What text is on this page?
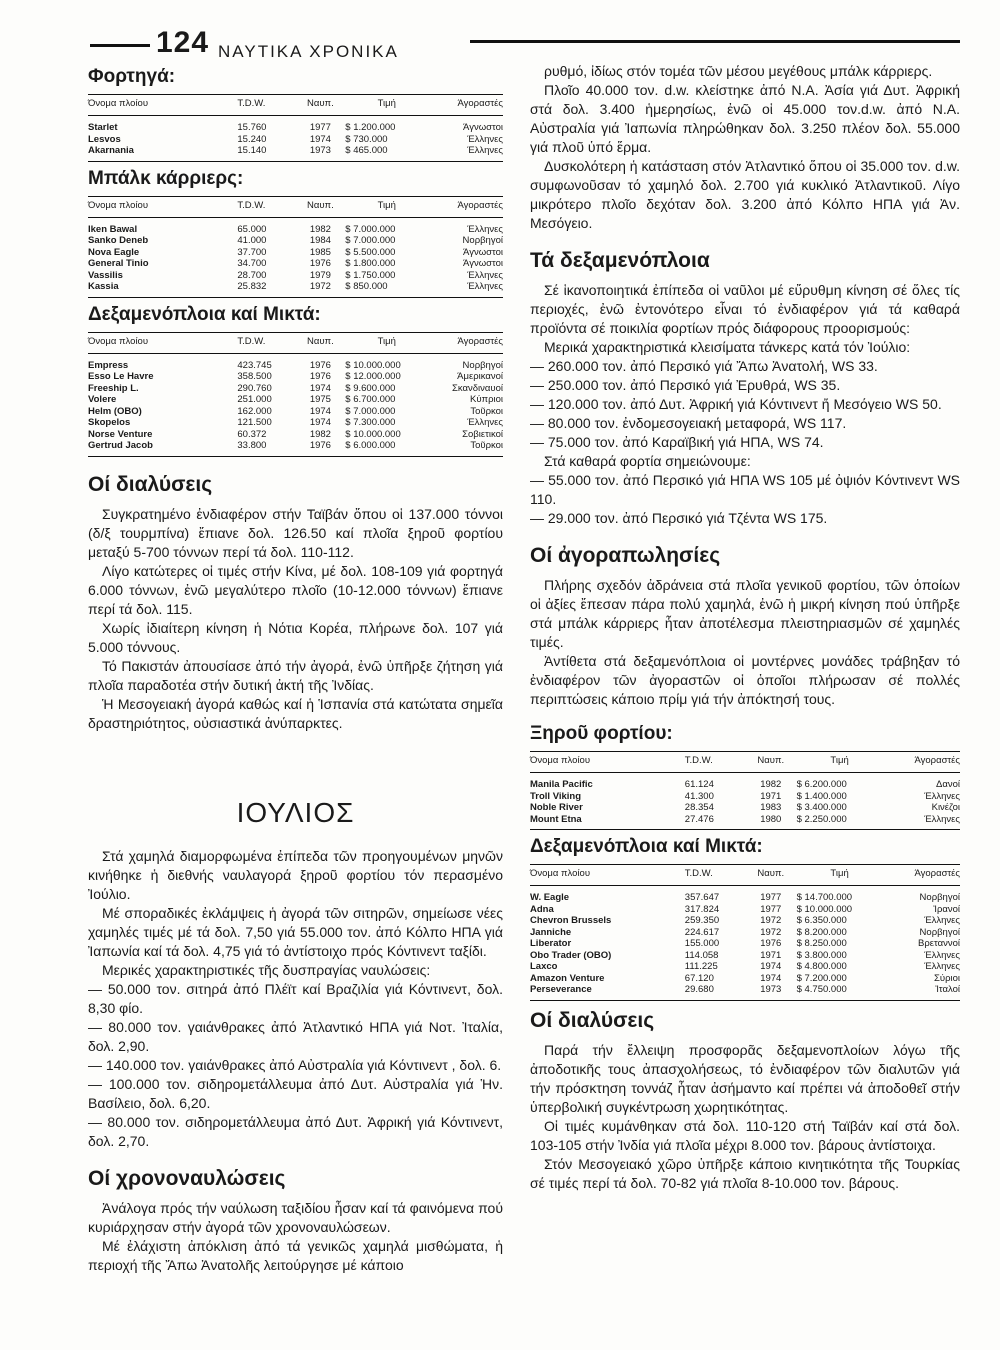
124 ΝΑΥΤΙΚΑ ΧΡΟΝΙΚΑ
Φορτηγά:
Όνομα πλοίου	T.D.W.	Ναυπ.	Τιμή	Άγοραστές
Starlet	15.760	1977	$ 1.200.000	Άγνωστοι
Lesvos	15.240	1974	$ 730.000	Έλληνες
Akarnania	15.140	1973	$ 465.000	Έλληνες
Μπάλκ κάρριερς:
Όνομα πλοίου	T.D.W.	Ναυπ.	Τιμή	Άγοραστές
Iken Bawal	65.000	1982	$ 7.000.000	Έλληνες
Sanko Deneb	41.000	1984	$ 7.000.000	Νορβηγοί
Nova Eagle	37.700	1985	$ 5.500.000	Άγνωστοι
General Tinio	34.700	1976	$ 1.800.000	Άγνωστοι
Vassilis	28.700	1979	$ 1.750.000	Έλληνες
Kassia	25.832	1972	$ 850.000	Έλληνες
Δεξαμενόπλοια καί Μικτά:
Όνομα πλοίου	T.D.W.	Ναυπ.	Τιμή	Άγοραστές
Empress	423.745	1976	$ 10.000.000	Νορβηγοί
Esso Le Havre	358.500	1976	$ 12.000.000	Άμερικανοί
Freeship L.	290.760	1974	$ 9.600.000	Σκανδιναυοί
Volere	251.000	1975	$ 6.700.000	Κύπριοι
Helm (OBO)	162.000	1974	$ 7.000.000	Τοῦρκοι
Skopelos	121.500	1974	$ 7.300.000	Έλληνες
Norse Venture	60.372	1982	$ 10.000.000	Σοβιετικοί
Gertrud Jacob	33.800	1976	$ 6.000.000	Τοῦρκοι
Οί διαλύσεις

Συγκρατημένο ἐνδιαφέρον στήν Ταϊβάν ὅπου οἱ 137.000 τόννοι (δ/ξ τουρμπίνα) ἔπιανε δολ. 126.50 καί πλοῖα ξηροῦ φορτίου μεταξύ 5-700 τόννων περί τά δολ. 110-112.

Λίγο κατώτερες οἱ τιμές στήν Κίνα, μέ δολ. 108-109 γιά φορτηγά 6.000 τόννων, ἐνῶ μεγαλύτερο πλοῖο (10-12.000 τόννων) ἔπιανε περί τά δολ. 115.

Χωρίς ἰδιαίτερη κίνηση ἡ Νότια Κορέα, πλήρωνε δολ. 107 γιά 5.000 τόννους.

Τό Πακιστάν ἀπουσίασε ἀπό τήν ἀγορά, ἐνῶ ὑπῆρξε ζήτηση γιά πλοῖα παραδοτέα στήν δυτική ἀκτή τῆς Ἰνδίας.

Ἡ Μεσογειακή ἀγορά καθώς καί ἡ Ἱσπανία στά κατώτατα σημεῖα δραστηριότητος, οὐσιαστικά ἀνύπαρκτες.

ΙΟΥΛΙΟΣ

Στά χαμηλά διαμορφωμένα ἐπίπεδα τῶν προηγουμένων μηνῶν κινήθηκε ἡ διεθνής ναυλαγορά ξηροῦ φορτίου τόν περασμένο Ἰούλιο.

Μέ σποραδικές ἐκλάμψεις ἡ ἀγορά τῶν σιτηρῶν, σημείωσε νέες χαμηλές τιμές μέ τά δολ. 7,50 γιά 55.000 τον. ἀπό Κόλπο ΗΠΑ γιά Ἰαπωνία καί τά δολ. 4,75 γιά τό ἀντίστοιχο πρός Κόντινεντ ταξίδι.

Μερικές χαρακτηριστικές τῆς δυσπραγίας ναυλώσεις:

— 50.000 τον. σιτηρά ἀπό Πλέϊτ καί Βραζιλία γιά Κόντινεντ, δολ. 8,30 φίο.

— 80.000 τον. γαιάνθρακες ἀπό Ἀτλαντικό ΗΠΑ γιά Νοτ. Ἰταλία, δολ. 2,90.

— 140.000 τον. γαιάνθρακες ἀπό Αὐστραλία γιά Κόντινεντ , δολ. 6.

— 100.000 τον. σιδηρομετάλλευμα ἀπό Δυτ. Αὐστραλία γιά Ἡν. Βασίλειο, δολ. 6,20.

— 80.000 τον. σιδηρομετάλλευμα ἀπό Δυτ. Ἀφρική γιά Κόντινεντ, δολ. 2,70.

Οί χρονοναυλώσεις

Ἀνάλογα πρός τήν ναύλωση ταξιδίου ἦσαν καί τά φαινόμενα πού κυριάρχησαν στήν ἀγορά τῶν χρονοναυλώσεων.

Μέ ἐλάχιστη ἀπόκλιση ἀπό τά γενικῶς χαμηλά μισθώματα, ἡ περιοχή τῆς Ἄπω Ἀνατολῆς λειτούργησε μέ κάποιο

ρυθμό, ἰδίως στόν τομέα τῶν μέσου μεγέθους μπάλκ κάρριερς.

Πλοῖο 40.000 τον. d.w. κλείστηκε ἀπό Ν.Α. Ἀσία γιά Δυτ. Ἀφρική στά δολ. 3.400 ἡμερησίως, ἐνῶ οἱ 45.000 τον.d.w. ἀπό Ν.Α. Αὐστραλία γιά Ἰαπωνία πληρώθηκαν δολ. 3.250 πλέον δολ. 55.000 γιά πλοῦ ὑπό ἕρμα.

Δυσκολότερη ἡ κατάσταση στόν Ἀτλαντικό ὅπου οἱ 35.000 τον. d.w. συμφωνοῦσαν τό χαμηλό δολ. 2.700 γιά κυκλικό Ἀτλαντικοῦ. Λίγο μικρότερο πλοῖο δεχόταν δολ. 3.200 ἀπό Κόλπο ΗΠΑ γιά Ἀν. Μεσόγειο.

Τά δεξαμενόπλοια

Σέ ἱκανοποιητικά ἐπίπεδα οἱ ναῦλοι μέ εὔρυθμη κίνηση σέ ὅλες τίς περιοχές, ἐνῶ ἐντονότερο εἶναι τό ἐνδιαφέρον γιά τά καθαρά προϊόντα σέ ποικιλία φορτίων πρός διάφορους προορισμούς:

Μερικά χαρακτηριστικά κλεισίματα τάνκερς κατά τόν Ἰούλιο:

— 260.000 τον. ἀπό Περσικό γιά Ἄπω Ἀνατολή, WS 33.

— 250.000 τον. ἀπό Περσικό γιά Ἐρυθρά, WS 35.

— 120.000 τον. ἀπό Δυτ. Ἀφρική γιά Κόντινεντ ἤ Μεσόγειο WS 50.

— 80.000 τον. ἐνδομεσογειακή μεταφορά, WS 117.

— 75.000 τον. ἀπό Καραϊβική γιά ΗΠΑ, WS 74.

Στά καθαρά φορτία σημειώνουμε:

— 55.000 τον. ἀπό Περσικό γιά ΗΠΑ WS 105 μέ ὀψιόν Κόντινεντ WS 110.

— 29.000 τον. ἀπό Περσικό γιά Τζέντα WS 175.

Οί ἀγοραπωλησίες

Πλήρης σχεδόν ἀδράνεια στά πλοῖα γενικοῦ φορτίου, τῶν ὁποίων οἱ ἀξίες ἔπεσαν πάρα πολύ χαμηλά, ἐνῶ ἡ μικρή κίνηση πού ὑπῆρξε στά μπάλκ κάρριερς ἦταν ἀποτέλεσμα πλειστηριασμῶν σέ χαμηλές τιμές.

Ἀντίθετα στά δεξαμενόπλοια οἱ μοντέρνες μονάδες τράβηξαν τό ἐνδιαφέρον τῶν ἀγοραστῶν οἱ ὁποῖοι πλήρωσαν σέ πολλές περιπτώσεις κάποιο πρίμ γιά τήν ἀπόκτησή τους.

Ξηροῦ φορτίου:
Όνομα πλοίου	T.D.W.	Ναυπ.	Τιμή	Άγοραστές
Manila Pacific	61.124	1982	$ 6.200.000	Δανοί
Troll Viking	41.300	1971	$ 1.400.000	Έλληνες
Noble River	28.354	1983	$ 3.400.000	Κινέζοι
Mount Etna	27.476	1980	$ 2.250.000	Έλληνες
Δεξαμενόπλοια καί Μικτά:
Όνομα πλοίου	T.D.W.	Ναυπ.	Τιμή	Άγοραστές
W. Eagle	357.647	1977	$ 14.700.000	Νορβηγοί
Adna	317.824	1977	$ 10.000.000	Ἰρανοί
Chevron Brussels	259.350	1972	$ 6.350.000	Έλληνες
Janniche	224.617	1972	$ 8.200.000	Νορβηγοί
Liberator	155.000	1976	$ 8.250.000	Βρεταννοί
Obo Trader (OBO)	114.058	1971	$ 3.800.000	Έλληνες
Laxco	111.225	1974	$ 4.800.000	Έλληνες
Amazon Venture	67.120	1974	$ 7.200.000	Σύριοι
Perseverance	29.680	1973	$ 4.750.000	Ἰταλοί
Οί διαλύσεις

Παρά τήν ἔλλειψη προσφορᾶς δεξαμενοπλοίων λόγω τῆς ἀποδοτικῆς τους ἀπασχολήσεως, τό ἐνδιαφέρον τῶν διαλυτῶν γιά τήν πρόσκτηση τοννάζ ἦταν ἀσήμαντο καί πρέπει νά ἀποδοθεῖ στήν ὑπερβολική συγκέντρωση χωρητικότητας.

Οἱ τιμές κυμάνθηκαν στά δολ. 110-120 στή Ταϊβάν καί στά δολ. 103-105 στήν Ἰνδία γιά πλοῖα μέχρι 8.000 τον. βάρους ἀντίστοιχα.

Στόν Μεσογειακό χῶρο ὑπῆρξε κάποιο κινητικότητα τῆς Τουρκίας σέ τιμές περί τά δολ. 70-82 γιά πλοῖα 8-10.000 τον. βάρους.
